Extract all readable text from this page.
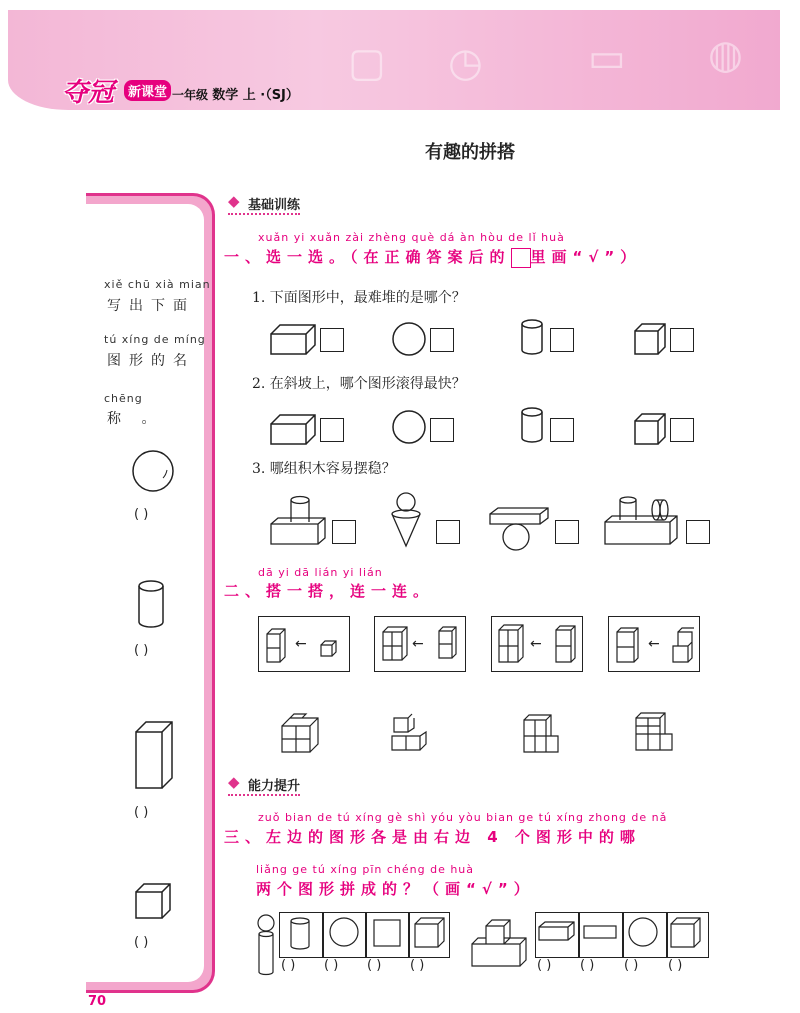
▢ ◷	▭ ◍
夺冠	新课堂 一年级 数学 上 ·（SJ）
有趣的拼搭
xiě chū xià mian
写出下面
tú xíng de míng
图形的名
chēng
称 。
( )
( )
( )
( )
◆ 基础训练
xuǎn yi xuǎn zài zhèng què dá àn hòu de lǐ huà
一、选一选。（在正确答案后的 里画“√”）
1. 下面图形中，最难堆的是哪个？
2. 在斜坡上，哪个图形滚得最快？
3. 哪组积木容易摆稳？
dā yi dā lián yi lián
二、搭一搭，连一连。
←	←	←	←
◆ 能力提升
zuǒ bian de tú xíng gè shì yóu yòu bian ge tú xíng zhong de nǎ
三、左边的图形各是由右边 4 个图形中的哪
liǎng ge tú xíng pīn chéng de huà
两个图形拼成的？（画“√”）
( ) ( ) ( ) ( )	( ) ( ) ( ) ( )
70
